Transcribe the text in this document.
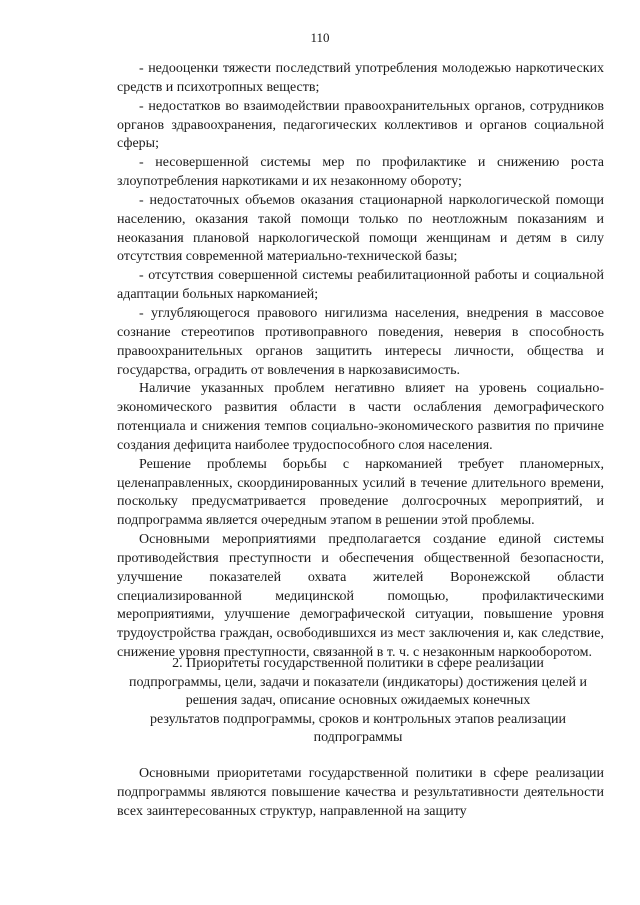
110

- недооценки тяжести последствий употребления молодежью наркотических средств и психотропных веществ;

- недостатков во взаимодействии правоохранительных органов, сотрудников органов здравоохранения, педагогических коллективов и органов социальной сферы;

- несовершенной системы мер по профилактике и снижению роста злоупотребления наркотиками и их незаконному обороту;

- недостаточных объемов оказания стационарной наркологической помощи населению, оказания такой помощи только по неотложным показаниям и неоказания плановой наркологической помощи женщинам и детям в силу отсутствия современной материально-технической базы;

- отсутствия совершенной системы реабилитационной работы и социальной адаптации больных наркоманией;

- углубляющегося правового нигилизма населения, внедрения в массовое сознание стереотипов противоправного поведения, неверия в способность правоохранительных органов защитить интересы личности, общества и государства, оградить от вовлечения в наркозависимость.

Наличие указанных проблем негативно влияет на уровень социально-экономического развития области в части ослабления демографического потенциала и снижения темпов социально-экономического развития по причине создания дефицита наиболее трудоспособного слоя населения.

Решение проблемы борьбы с наркоманией требует планомерных, целенаправленных, скоординированных усилий в течение длительного времени, поскольку предусматривается проведение долгосрочных мероприятий, и подпрограмма является очередным этапом в решении этой проблемы.

Основными мероприятиями предполагается создание единой системы противодействия преступности и обеспечения общественной безопасности, улучшение показателей охвата жителей Воронежской области специализированной медицинской помощью, профилактическими мероприятиями, улучшение демографической ситуации, повышение уровня трудоустройства граждан, освободившихся из мест заключения и, как следствие, снижение уровня преступности, связанной в т. ч. с незаконным наркооборотом.

2. Приоритеты государственной политики в сфере реализации

подпрограммы, цели, задачи и показатели (индикаторы) достижения целей и

решения задач, описание основных ожидаемых конечных

результатов подпрограммы, сроков и контрольных этапов реализации

подпрограммы

Основными приоритетами государственной политики в сфере реализации подпрограммы являются повышение качества и результативности деятельности всех заинтересованных структур, направленной на защиту
